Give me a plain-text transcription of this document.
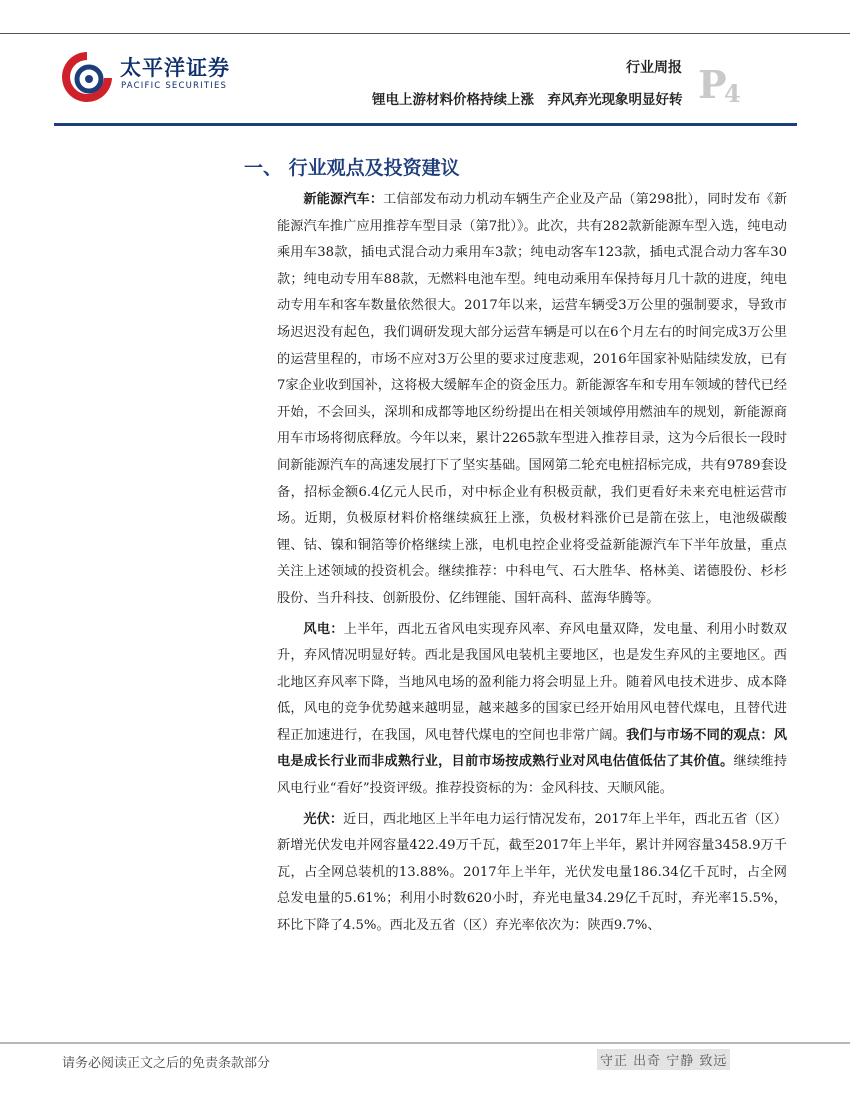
太平洋证券
PACIFIC SECURITIES
行业周报
锂电上游材料价格持续上涨　弃风弃光现象明显好转 P
4
一、 行业观点及投资建议

新能源汽车：工信部发布动力机动车辆生产企业及产品（第298批），同时发布《新能源汽车推广应用推荐车型目录（第7批）》。此次，共有282款新能源车型入选，纯电动乘用车38款，插电式混合动力乘用车3款；纯电动客车123款，插电式混合动力客车30款；纯电动专用车88款，无燃料电池车型。纯电动乘用车保持每月几十款的进度，纯电动专用车和客车数量依然很大。2017年以来，运营车辆受3万公里的强制要求，导致市场迟迟没有起色，我们调研发现大部分运营车辆是可以在6个月左右的时间完成3万公里的运营里程的，市场不应对3万公里的要求过度悲观，2016年国家补贴陆续发放，已有7家企业收到国补，这将极大缓解车企的资金压力。新能源客车和专用车领域的替代已经开始，不会回头，深圳和成都等地区纷纷提出在相关领域停用燃油车的规划，新能源商用车市场将彻底释放。今年以来，累计2265款车型进入推荐目录，这为今后很长一段时间新能源汽车的高速发展打下了坚实基础。国网第二轮充电桩招标完成，共有9789套设备，招标金额6.4亿元人民币，对中标企业有积极贡献，我们更看好未来充电桩运营市场。近期，负极原材料价格继续疯狂上涨，负极材料涨价已是箭在弦上，电池级碳酸锂、钴、镍和铜箔等价格继续上涨，电机电控企业将受益新能源汽车下半年放量，重点关注上述领域的投资机会。继续推荐：中科电气、石大胜华、格林美、诺德股份、杉杉股份、当升科技、创新股份、亿纬锂能、国轩高科、蓝海华腾等。

风电：上半年，西北五省风电实现弃风率、弃风电量双降，发电量、利用小时数双升，弃风情况明显好转。西北是我国风电装机主要地区，也是发生弃风的主要地区。西北地区弃风率下降，当地风电场的盈利能力将会明显上升。随着风电技术进步、成本降低，风电的竞争优势越来越明显，越来越多的国家已经开始用风电替代煤电，且替代进程正加速进行，在我国，风电替代煤电的空间也非常广阔。我们与市场不同的观点：风电是成长行业而非成熟行业，目前市场按成熟行业对风电估值低估了其价值。继续维持风电行业“看好”投资评级。推荐投资标的为：金风科技、天顺风能。

光伏：近日，西北地区上半年电力运行情况发布，2017年上半年，西北五省（区）新增光伏发电并网容量422.49万千瓦，截至2017年上半年，累计并网容量3458.9万千瓦，占全网总装机的13.88%。2017年上半年，光伏发电量186.34亿千瓦时，占全网总发电量的5.61%；利用小时数620小时，弃光电量34.29亿千瓦时，弃光率15.5%，环比下降了4.5%。西北及五省（区）弃光率依次为：陕西9.7%、

请务必阅读正文之后的免责条款部分	守正 出奇 宁静 致远
